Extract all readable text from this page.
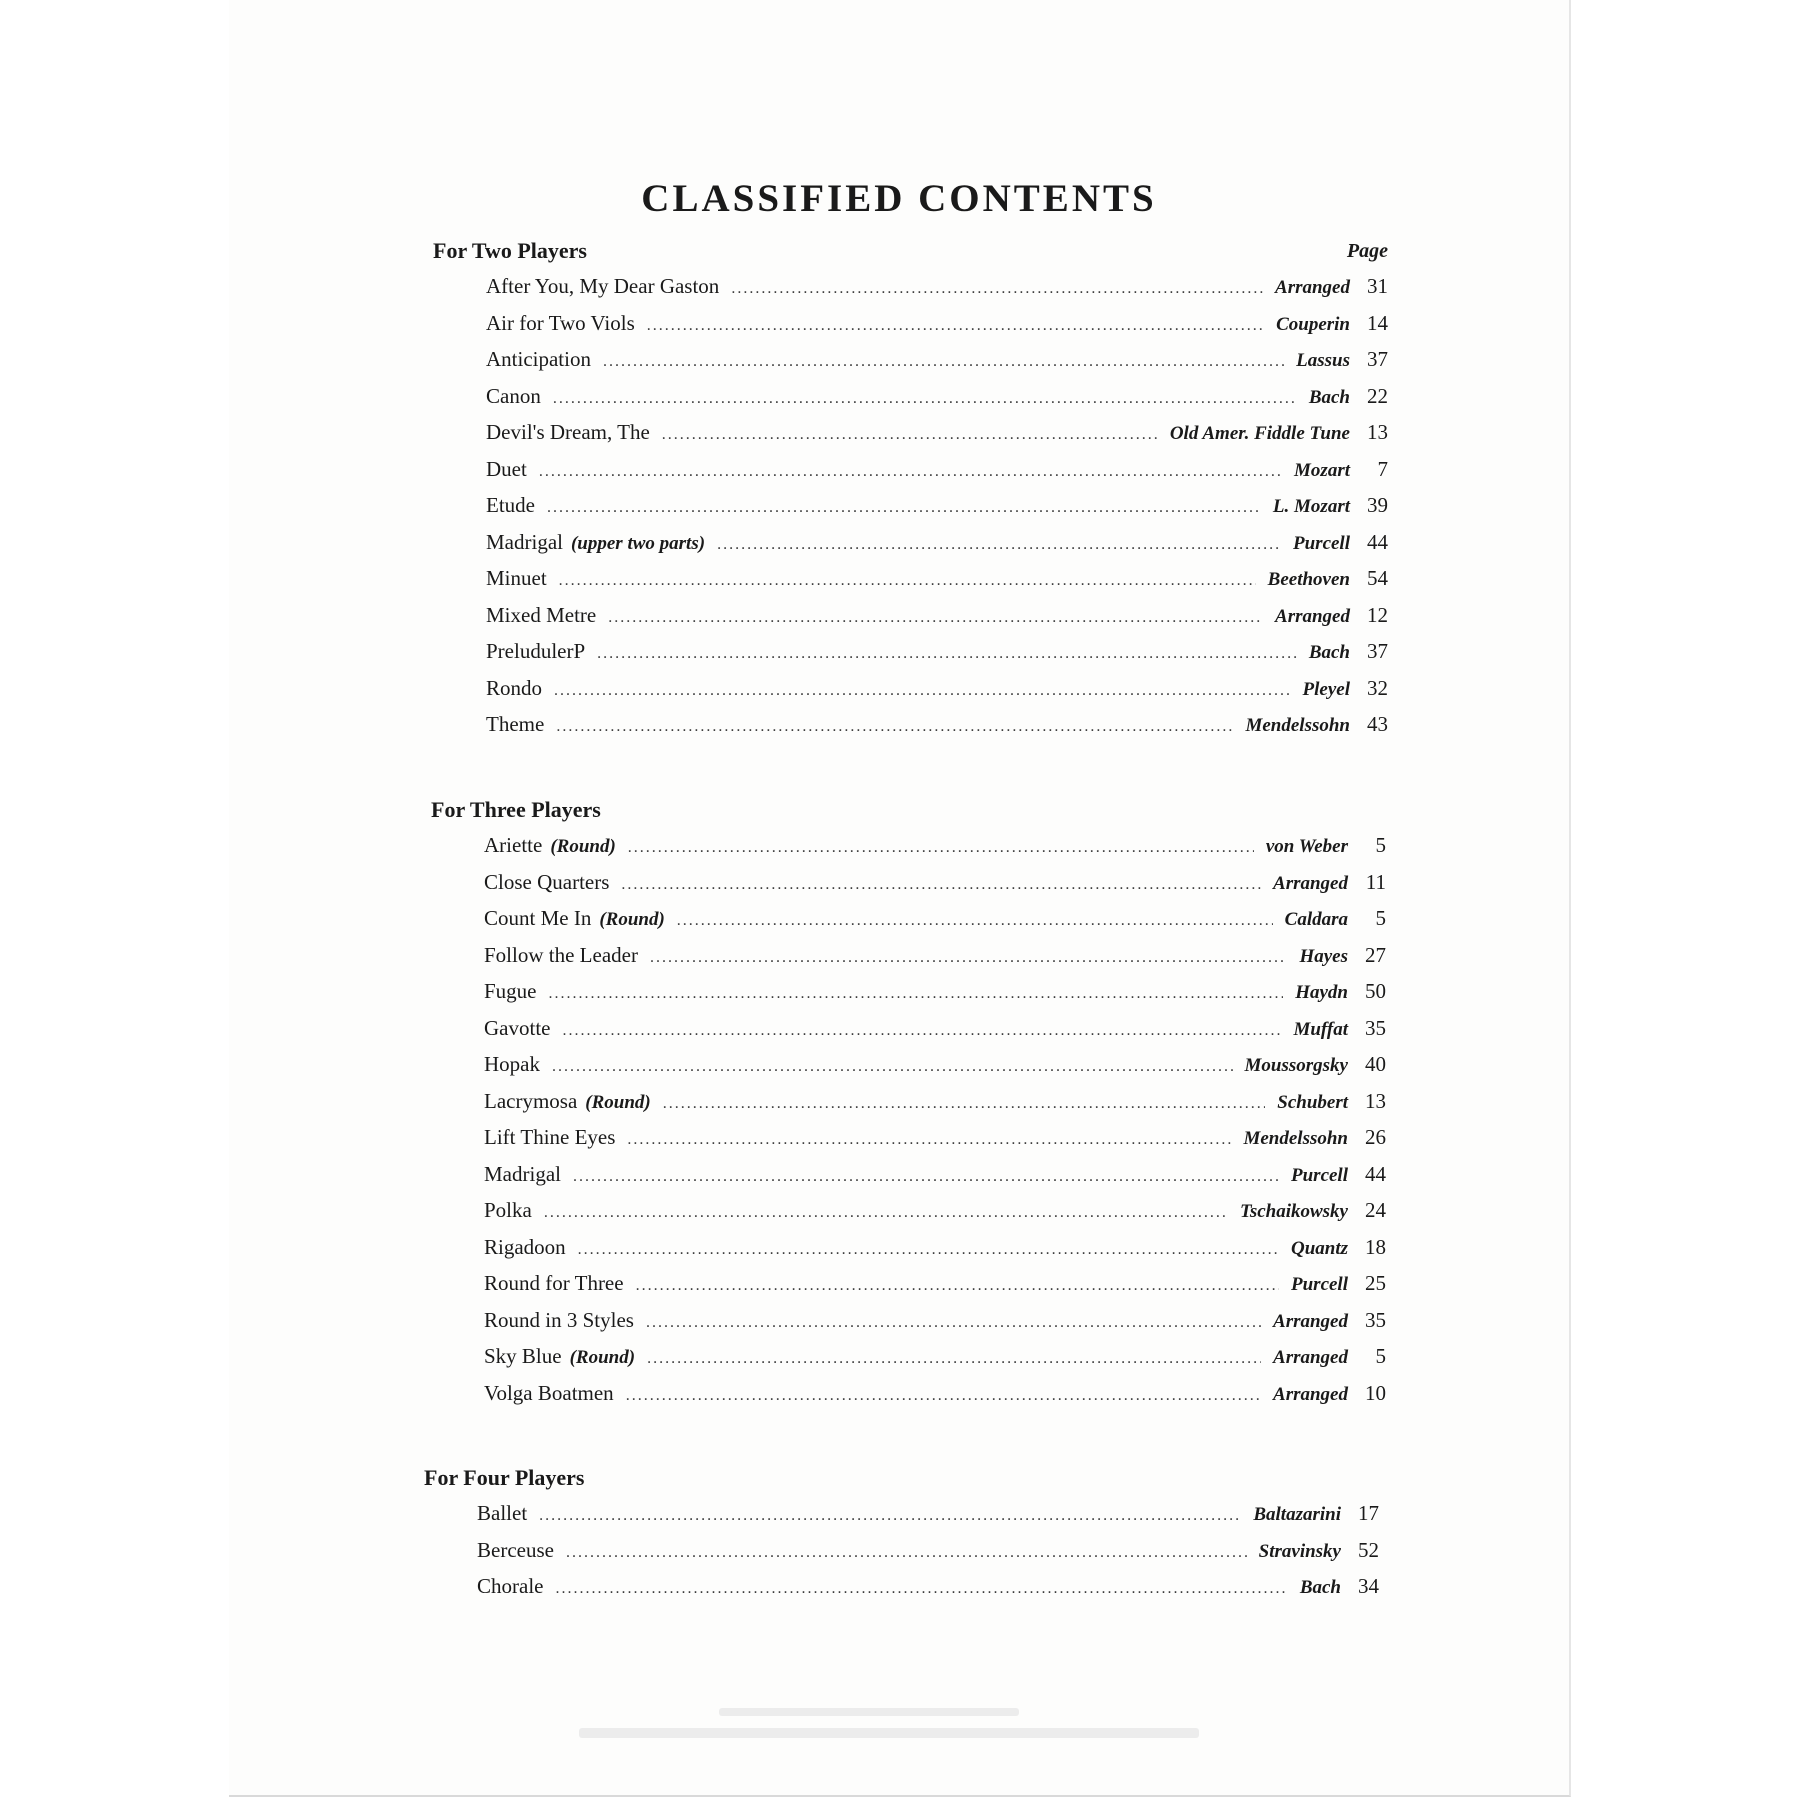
CLASSIFIED CONTENTS
For Two Players	Page
After You, My Dear Gaston .....	Arranged 31
Air for Two Viols .....	Couperin 14
Anticipation .....	Lassus 37
Canon .....	Bach 22
Devil's Dream, The .....	Old Amer. Fiddle Tune 13
Duet .....	Mozart	7
Etude .....	L. Mozart 39
Madrigal (upper two parts) .....	Purcell 44
Minuet .....	Beethoven 54
Mixed Metre .....	Arranged 12
PreludulerP .....	Bach 37
Rondo .....	Pleyel 32
Theme .....	Mendelssohn 43
For Three Players
Ariette (Round) .....	von Weber	5
Close Quarters .....	Arranged 11
Count Me In (Round) .....	Caldara	5
Follow the Leader .....	Hayes 27
Fugue .....	Haydn 50
Gavotte .....	Muffat 35
Hopak .....	Moussorgsky 40
Lacrymosa (Round) .....	Schubert 13
Lift Thine Eyes .....	Mendelssohn 26
Madrigal .....	Purcell 44
Polka .....	Tschaikowsky 24
Rigadoon .....	Quantz 18
Round for Three .....	Purcell 25
Round in 3 Styles .....	Arranged 35
Sky Blue (Round) .....	Arranged	5
Volga Boatmen .....	Arranged 10
For Four Players
Ballet .....	Baltazarini 17
Berceuse .....	Stravinsky 52
Chorale .....	Bach 34
